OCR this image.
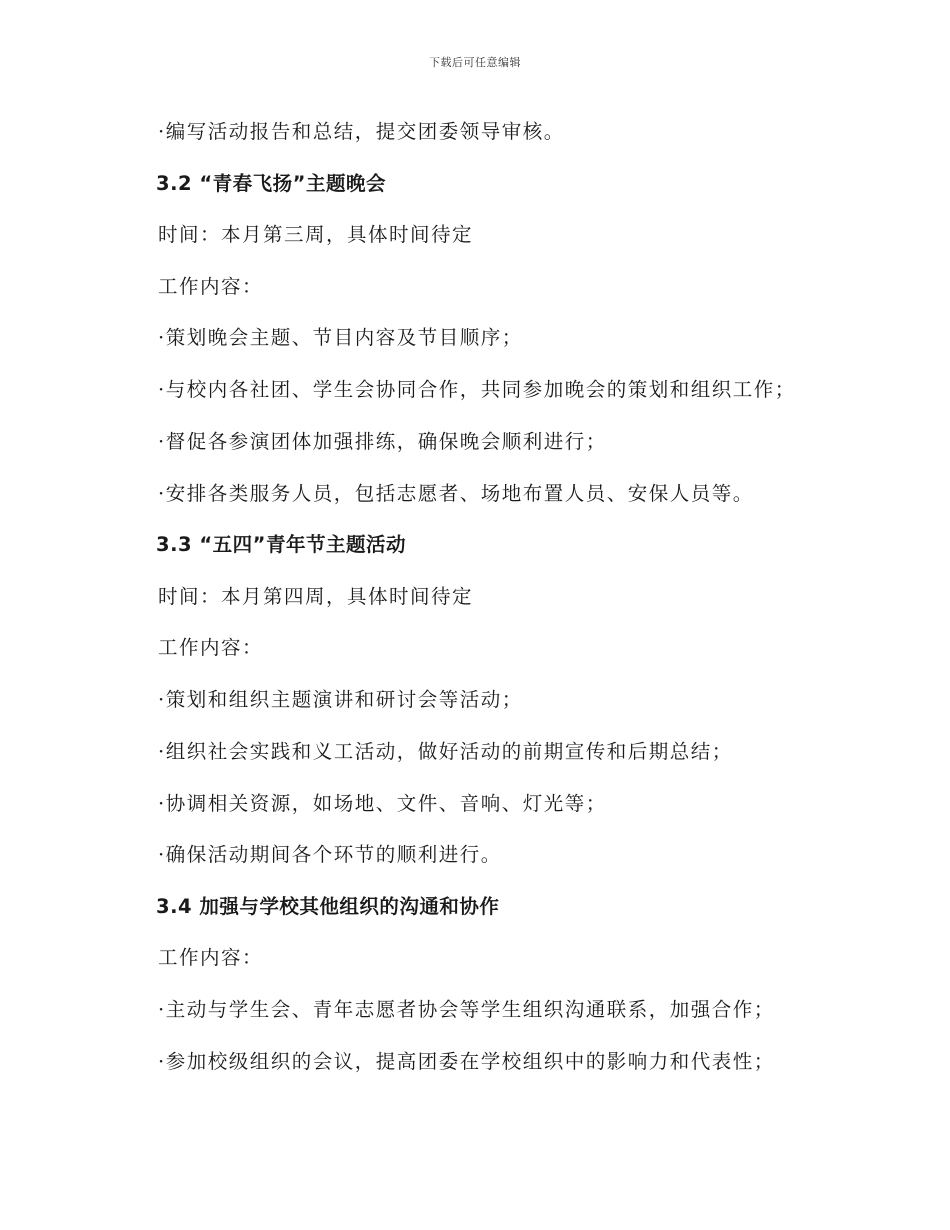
下载后可任意编辑
·编写活动报告和总结，提交团委领导审核。
3.2 “青春飞扬”主题晚会
时间：本月第三周，具体时间待定
工作内容：
·策划晚会主题、节目内容及节目顺序；
·与校内各社团、学生会协同合作，共同参加晚会的策划和组织工作；
·督促各参演团体加强排练，确保晚会顺利进行；
·安排各类服务人员，包括志愿者、场地布置人员、安保人员等。
3.3 “五四”青年节主题活动
时间：本月第四周，具体时间待定
工作内容：
·策划和组织主题演讲和研讨会等活动；
·组织社会实践和义工活动，做好活动的前期宣传和后期总结；
·协调相关资源，如场地、文件、音响、灯光等；
·确保活动期间各个环节的顺利进行。
3.4 加强与学校其他组织的沟通和协作
工作内容：
·主动与学生会、青年志愿者协会等学生组织沟通联系，加强合作；
·参加校级组织的会议，提高团委在学校组织中的影响力和代表性；
